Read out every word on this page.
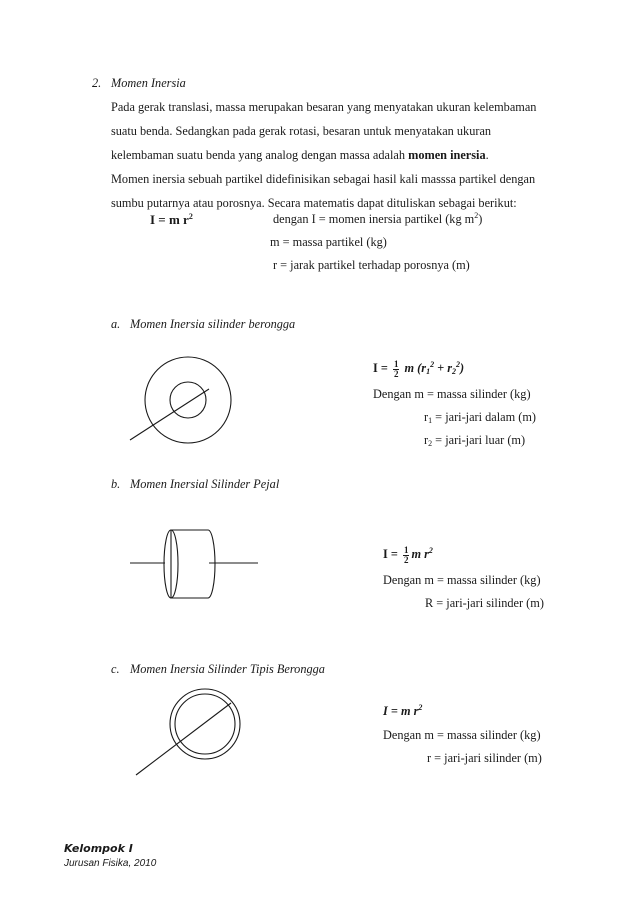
2. Momen Inersia
Pada gerak translasi, massa merupakan besaran yang menyatakan ukuran kelembaman
suatu benda. Sedangkan pada gerak rotasi, besaran untuk menyatakan ukuran
kelembaman suatu benda yang analog dengan massa adalah momen inersia.
Momen inersia sebuah partikel didefinisikan sebagai hasil kali masssa partikel dengan
sumbu putarnya atau porosnya. Secara matematis dapat dituliskan sebagai berikut:
I = m $r^2$	dengan I = momen inersia partikel (kg $m^2$)
m = massa partikel (kg)
r = jarak partikel terhadap porosnya (m)
a. Momen Inersia silinder berongga
$I = \frac{1}{2}$ m $(r_1^2 + r_2^2)$
Dengan m = massa silinder (kg)
$r_1$ = jari-jari dalam (m)
$r_2$ = jari-jari luar (m)
b. Momen Inersial Silinder Pejal
$I = \frac{1}{2}$ m $r^2$
Dengan m = massa silinder (kg)
R = jari-jari silinder (m)
c. Momen Inersia Silinder Tipis Berongga
I = m $r^2$
Dengan m = massa silinder (kg)
r = jari-jari silinder (m)
Kelompok I
Jurusan Fisika, 2010
